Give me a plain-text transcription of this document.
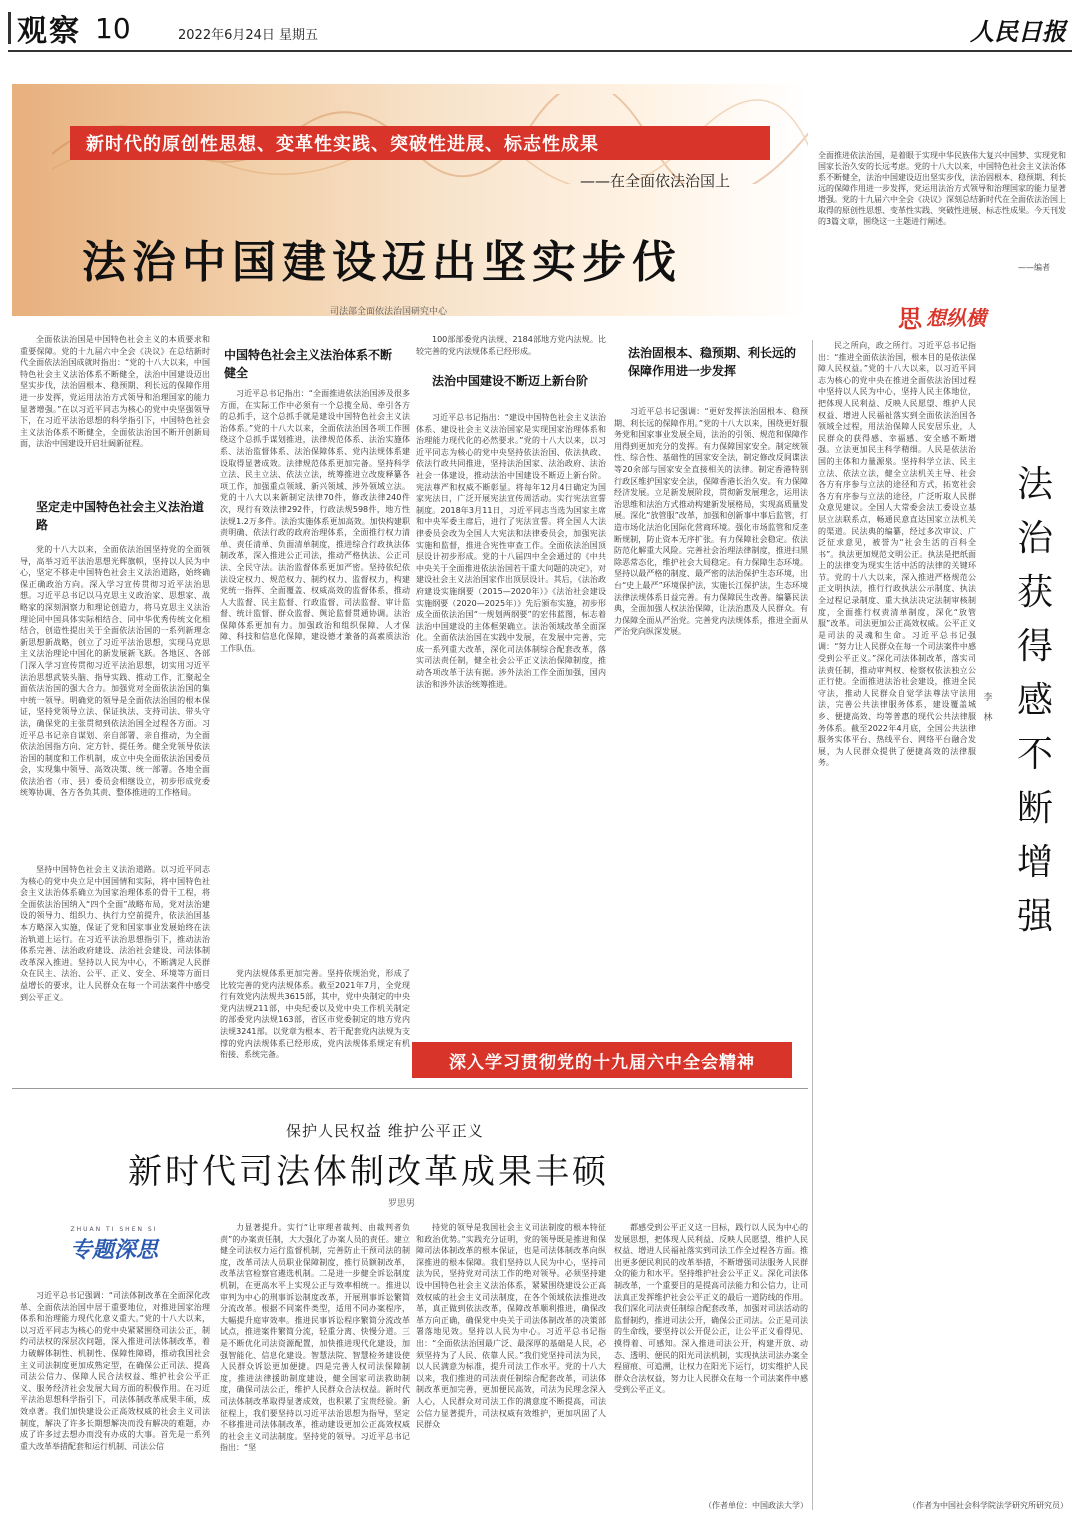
观察 10	2022年6月24日 星期五	人民日报
新时代的原创性思想、变革性实践、突破性进展、标志性成果
——在全面依法治国上
法治中国建设迈出坚实步伐
司法部全面依法治国研究中心
全面推进依法治国，是着眼于实现中华民族伟大复兴中国梦、实现党和国家长治久安的长远考虑。党的十八大以来，中国特色社会主义法治体系不断健全，法治中国建设迈出坚实步伐，法治固根本、稳预期、利长远的保障作用进一步发挥，党运用法治方式领导和治理国家的能力显著增强。党的十九届六中全会《决议》深刻总结新时代在全面依法治国上取得的原创性思想、变革性实践、突破性进展、标志性成果。今天刊发的3篇文章，围绕这一主题进行阐述。
——编者
思 想纵横

全面依法治国是中国特色社会主义的本质要求和重要保障。党的十九届六中全会《决议》在总结新时代全面依法治国成就时指出：“党的十八大以来，中国特色社会主义法治体系不断健全，法治中国建设迈出坚实步伐，法治固根本、稳预期、利长远的保障作用进一步发挥，党运用法治方式领导和治理国家的能力显著增强。”在以习近平同志为核心的党中央坚强领导下，在习近平法治思想的科学指引下，中国特色社会主义法治体系不断健全，全面依法治国不断开创新局面，法治中国建设开启壮阔新征程。

坚定走中国特色社会主义法治道路

党的十八大以来，全面依法治国坚持党的全面领导，高举习近平法治思想光辉旗帜，坚持以人民为中心，坚定不移走中国特色社会主义法治道路，始终确保正确政治方向。深入学习宣传贯彻习近平法治思想。习近平总书记以马克思主义政治家、思想家、战略家的深刻洞察力和理论创造力，将马克思主义法治理论同中国具体实际相结合、同中华优秀传统文化相结合，创造性提出关于全面依法治国的一系列新理念新思想新战略，创立了习近平法治思想，实现马克思主义法治理论中国化的新发展新飞跃。各地区、各部门深入学习宣传贯彻习近平法治思想，切实用习近平法治思想武装头脑、指导实践、推动工作，汇聚起全面依法治国的强大合力。加强党对全面依法治国的集中统一领导。明确党的领导是全面依法治国的根本保证，坚持党领导立法、保证执法、支持司法、带头守法，确保党的主张贯彻到依法治国全过程各方面。习近平总书记亲自谋划、亲自部署、亲自推动，为全面依法治国指方向、定方针、提任务。健全党领导依法治国的制度和工作机制，成立中央全面依法治国委员会，实现集中领导、高效决策、统一部署。各地全面依法治省（市、县）委员会相继设立，初步形成党委统筹协调、各方各负其责、整体推进的工作格局。

坚持中国特色社会主义法治道路。以习近平同志为核心的党中央立足中国国情和实际，将中国特色社会主义法治体系确立为国家治理体系的骨干工程，将全面依法治国纳入“四个全面”战略布局，党对法治建设的领导力、组织力、执行力空前提升，依法治国基本方略深入实施，保证了党和国家事业发展始终在法治轨道上运行。在习近平法治思想指引下，推动法治体系完善、法治政府建设、法治社会建设、司法体制改革深入推进。坚持以人民为中心，不断满足人民群众在民主、法治、公平、正义、安全、环境等方面日益增长的要求，让人民群众在每一个司法案件中感受到公平正义。

中国特色社会主义法治体系不断健全

习近平总书记指出：“全面推进依法治国涉及很多方面，在实际工作中必须有一个总揽全局、牵引各方的总抓手，这个总抓手就是建设中国特色社会主义法治体系。”党的十八大以来，全面依法治国各项工作围绕这个总抓手谋划推进，法律规范体系、法治实施体系、法治监督体系、法治保障体系、党内法规体系建设取得显著成效。法律规范体系更加完备。坚持科学立法、民主立法、依法立法，统筹推进立改废释纂各项工作，加强重点领域、新兴领域、涉外领域立法。党的十八大以来新制定法律70件，修改法律240件次，现行有效法律292件，行政法规598件，地方性法规1.2万多件。法治实施体系更加高效。加快构建职责明确、依法行政的政府治理体系，全面推行权力清单、责任清单、负面清单制度，推进综合行政执法体制改革，深入推进公正司法，推动严格执法、公正司法、全民守法。法治监督体系更加严密。坚持依纪依法设定权力、规范权力、制约权力、监督权力，构建党统一指挥、全面覆盖、权威高效的监督体系，推动人大监督、民主监督、行政监督、司法监督、审计监督、统计监督、群众监督、舆论监督贯通协调。法治保障体系更加有力。加强政治和组织保障、人才保障、科技和信息化保障，建设德才兼备的高素质法治工作队伍。

党内法规体系更加完善。坚持依规治党，形成了比较完善的党内法规体系。截至2021年7月，全党现行有效党内法规共3615部，其中，党中央制定的中央党内法规211部，中央纪委以及党中央工作机关制定的部委党内法规163部，省区市党委制定的地方党内法规3241部。以党章为根本、若干配套党内法规为支撑的党内法规体系已经形成，党内法规体系规定有机衔接、系统完备。

100部部委党内法规、2184部地方党内法规。比较完善的党内法规体系已经形成。

法治中国建设不断迈上新台阶

习近平总书记指出：“建设中国特色社会主义法治体系、建设社会主义法治国家是实现国家治理体系和治理能力现代化的必然要求。”党的十八大以来，以习近平同志为核心的党中央坚持依法治国、依法执政、依法行政共同推进，坚持法治国家、法治政府、法治社会一体建设，推动法治中国建设不断迈上新台阶。宪法尊严和权威不断彰显。将每年12月4日确定为国家宪法日，广泛开展宪法宣传周活动。实行宪法宣誓制度。2018年3月11日，习近平同志当选为国家主席和中央军委主席后，进行了宪法宣誓。将全国人大法律委员会改为全国人大宪法和法律委员会，加强宪法实施和监督，推进合宪性审查工作。全面依法治国顶层设计初步形成。党的十八届四中全会通过的《中共中央关于全面推进依法治国若干重大问题的决定》，对建设社会主义法治国家作出顶层设计。其后，《法治政府建设实施纲要（2015—2020年）》《法治社会建设实施纲要（2020—2025年）》先后颁布实施，初步形成全面依法治国“一规划两纲要”的宏伟蓝图，标志着法治中国建设的主体框架确立。法治领域改革全面深化。全面依法治国在实践中发展，在发展中完善，完成一系列重大改革，深化司法体制综合配套改革，落实司法责任制，健全社会公平正义法治保障制度，推动各项改革于法有据。涉外法治工作全面加强，国内法治和涉外法治统筹推进。

法治固根本、稳预期、利长远的保障作用进一步发挥

习近平总书记强调：“更好发挥法治固根本、稳预期、利长远的保障作用。”党的十八大以来，围绕更好服务党和国家事业发展全局，法治的引领、规范和保障作用得到更加充分的发挥。有力保障国家安全。制定统领性、综合性、基础性的国家安全法，制定修改反间谍法等20余部与国家安全直接相关的法律。制定香港特别行政区维护国家安全法，保障香港长治久安。有力保障经济发展。立足新发展阶段，贯彻新发展理念，运用法治思维和法治方式推动构建新发展格局，实现高质量发展。深化“放管服”改革，加强和创新事中事后监管，打造市场化法治化国际化营商环境。强化市场监管和反垄断规制，防止资本无序扩张。有力保障社会稳定。依法防范化解重大风险。完善社会治理法律制度，推进扫黑除恶常态化，维护社会大局稳定。有力保障生态环境。坚持以最严格的制度、最严密的法治保护生态环境，出台“史上最严”环境保护法，实施长江保护法，生态环境法律法规体系日益完善。有力保障民生改善。编纂民法典，全面加强人权法治保障，让法治惠及人民群众。有力保障全面从严治党。完善党内法规体系，推进全面从严治党向纵深发展。

民之所向，政之所行。习近平总书记指出：“推进全面依法治国，根本目的是依法保障人民权益。”党的十八大以来，以习近平同志为核心的党中央在推进全面依法治国过程中坚持以人民为中心，坚持人民主体地位，把体现人民利益、反映人民愿望、维护人民权益、增进人民福祉落实到全面依法治国各领域全过程，用法治保障人民安居乐业，人民群众的获得感、幸福感、安全感不断增强。立法更加民主科学精细。人民是依法治国的主体和力量源泉。坚持科学立法、民主立法、依法立法，健全立法机关主导、社会各方有序参与立法的途径和方式，拓宽社会各方有序参与立法的途径，广泛听取人民群众意见建议。全国人大常委会法工委设立基层立法联系点，畅通民意直达国家立法机关的渠道。民法典的编纂，经过多次审议、广泛征求意见，被誉为“社会生活的百科全书”。执法更加规范文明公正。执法是把纸面上的法律变为现实生活中活的法律的关键环节。党的十八大以来，深入推进严格规范公正文明执法，推行行政执法公示制度、执法全过程记录制度、重大执法决定法制审核制度，全面推行权责清单制度，深化“放管服”改革。司法更加公正高效权威。公平正义是司法的灵魂和生命。习近平总书记强调：“努力让人民群众在每一个司法案件中感受到公平正义。”深化司法体制改革，落实司法责任制，推动审判权、检察权依法独立公正行使。全面推进法治社会建设，推进全民守法，推动人民群众自觉学法尊法守法用法，完善公共法律服务体系，建设覆盖城乡、便捷高效、均等普惠的现代公共法律服务体系。截至2022年4月底，全国公共法律服务实体平台、热线平台、网络平台融合发展，为人民群众提供了便捷高效的法律服务。

法治获得感不断增强
李林
深入学习贯彻党的十九届六中全会精神
保护人民权益 维护公平正义
新时代司法体制改革成果丰硕
罗思男
ZHUAN TI SHEN SI
专题深思

习近平总书记强调：“司法体制改革在全面深化改革、全面依法治国中居于重要地位，对推进国家治理体系和治理能力现代化意义重大。”党的十八大以来，以习近平同志为核心的党中央紧紧围绕司法公正，制约司法权的深层次问题，深入推进司法体制改革，着力破解体制性、机制性、保障性障碍，推动我国社会主义司法制度更加成熟定型，在确保公正司法、提高司法公信力、保障人民合法权益、维护社会公平正义、服务经济社会发展大局方面的积极作用。在习近平法治思想科学指引下，司法体制改革成果丰硕，成效卓著。我们加快建设公正高效权威的社会主义司法制度，解决了许多长期想解决而没有解决的难题，办成了许多过去想办而没有办成的大事。首先是一系列重大改革举措配套和运行机制、司法公信

力显著提升。实行“让审理者裁判、由裁判者负责”的办案责任制，大大强化了办案人员的责任。建立健全司法权力运行监督机制，完善防止干预司法的制度，改革司法人员职业保障制度，推行员额制改革，改革法官检察官遴选机制。二是进一步健全诉讼制度机制，在更高水平上实现公正与效率相统一。推进以审判为中心的刑事诉讼制度改革，开展刑事诉讼繁简分流改革。根据不同案件类型，适用不同办案程序，大幅提升庭审效率。推进民事诉讼程序繁简分流改革试点，推进案件繁简分流，轻重分离、快慢分道。三是不断优化司法资源配置，加快推进现代化建设，加强智能化、信息化建设。智慧法院、智慧检务建设使人民群众诉讼更加便捷。四是完善人权司法保障制度，推进法律援助制度建设，健全国家司法救助制度，确保司法公正，维护人民群众合法权益。新时代司法体制改革取得显著成效，也积累了宝贵经验。新征程上，我们要坚持以习近平法治思想为指导，坚定不移推进司法体制改革，推动建设更加公正高效权威的社会主义司法制度。坚持党的领导。习近平总书记指出：“坚

持党的领导是我国社会主义司法制度的根本特征和政治优势。”实践充分证明，党的领导既是推进和保障司法体制改革的根本保证，也是司法体制改革向纵深推进的根本保障。我们坚持以人民为中心，坚持司法为民，坚持党对司法工作的绝对领导。必须坚持建设中国特色社会主义法治体系，紧紧围绕建设公正高效权威的社会主义司法制度，在各个领域依法推进改革，真正做到依法改革，保障改革顺利推进，确保改革方向正确，确保党中央关于司法体制改革的决策部署落地见效。坚持以人民为中心。习近平总书记指出：“全面依法治国最广泛、最深厚的基础是人民，必须坚持为了人民、依靠人民。”我们党坚持司法为民，以人民满意为标准，提升司法工作水平。党的十八大以来，我们推进的司法责任制综合配套改革，司法体制改革更加完善，更加便民高效，司法为民理念深入人心，人民群众对司法工作的满意度不断提高，司法公信力显著提升，司法权威有效维护，更加巩固了人民群众

都感受到公平正义这一目标，践行以人民为中心的发展思想，把体现人民利益、反映人民愿望、维护人民权益、增进人民福祉落实到司法工作全过程各方面。推出更多便民利民的改革举措，不断增强司法服务人民群众的能力和水平。坚持维护社会公平正义。深化司法体制改革，一个重要目的是提高司法能力和公信力，让司法真正发挥维护社会公平正义的最后一道防线的作用。我们深化司法责任制综合配套改革，加强对司法活动的监督制约，推进司法公开，确保公正司法。公正是司法的生命线，要坚持以公开促公正，让公平正义看得见、摸得着、可感知。深入推进司法公开，构建开放、动态、透明、便民的阳光司法机制，实现执法司法办案全程留痕、可追溯，让权力在阳光下运行，切实维护人民群众合法权益，努力让人民群众在每一个司法案件中感受到公平正义。

（作者单位：中国政法大学）	（作者为中国社会科学院法学研究所研究员）
